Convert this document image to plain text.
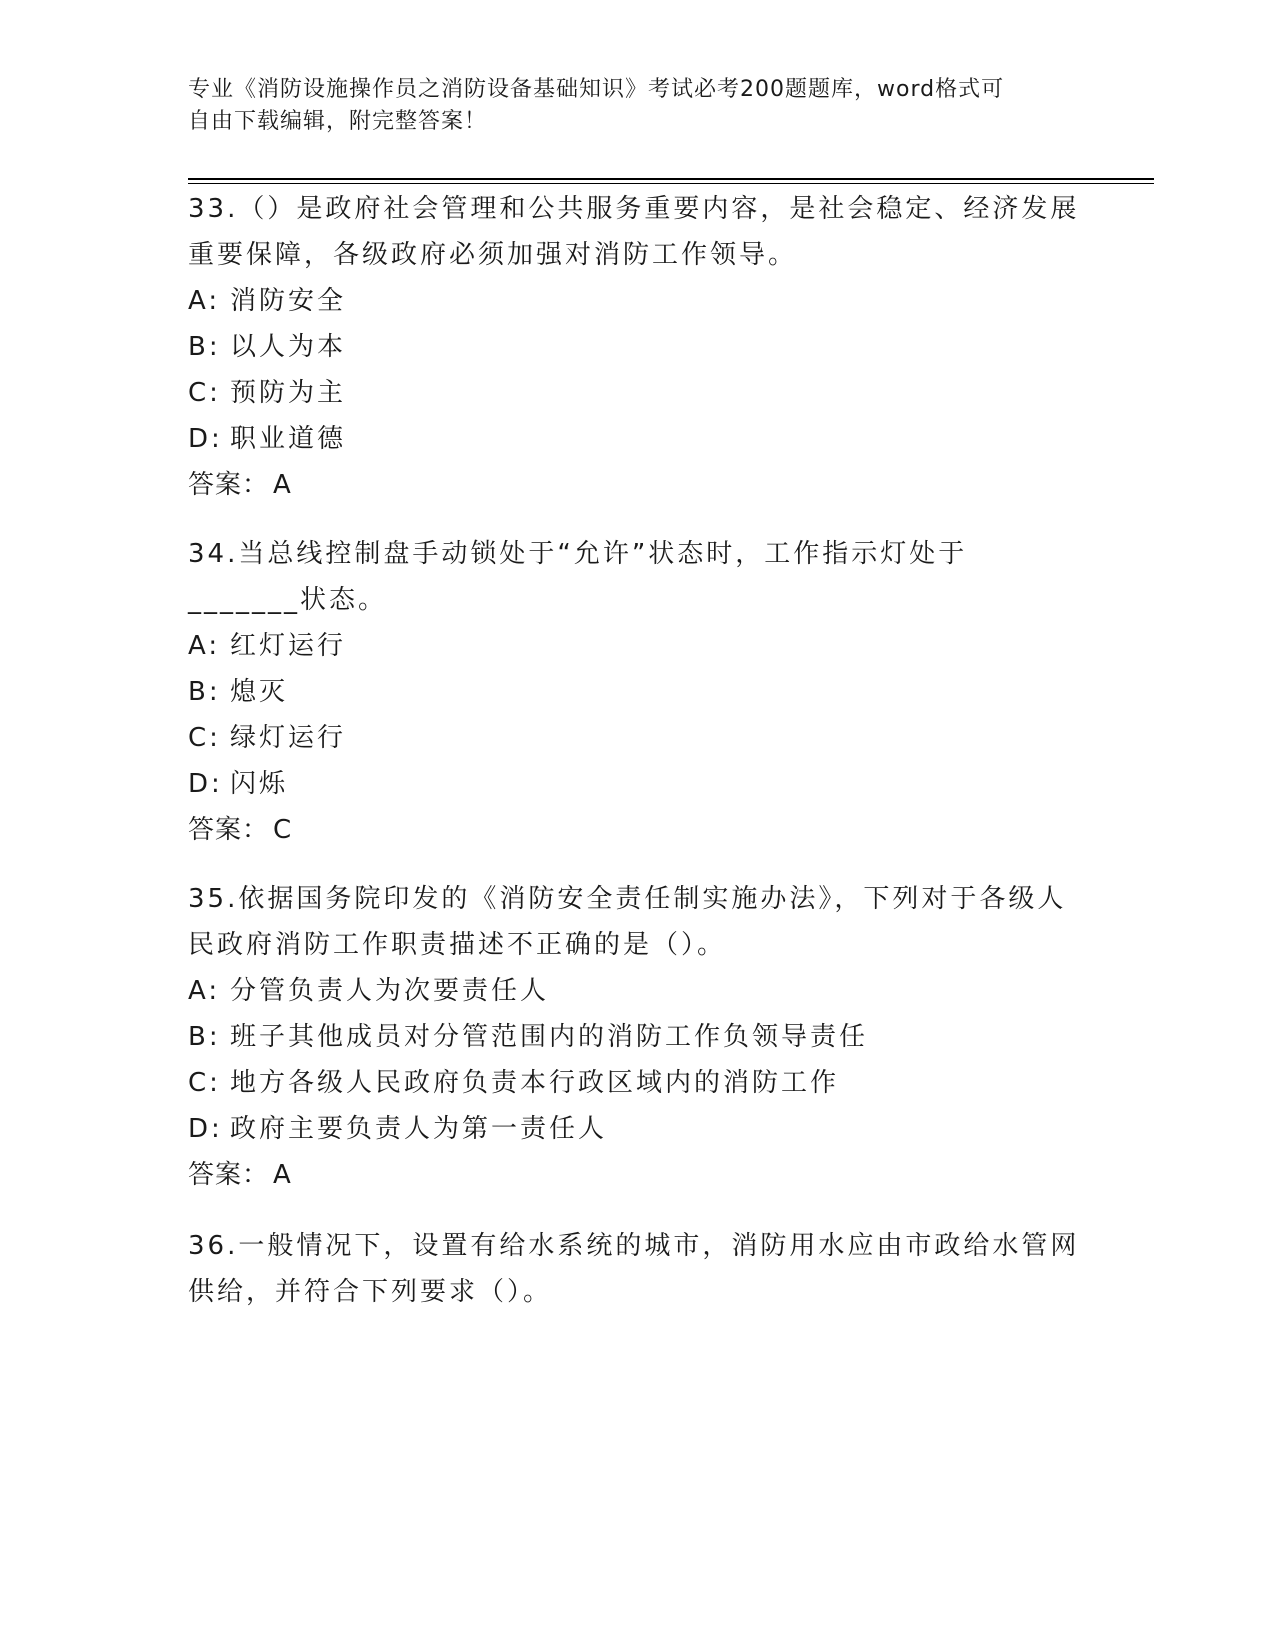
专业《消防设施操作员之消防设备基础知识》考试必考200题题库，word格式可
自由下载编辑，附完整答案！
33.（）是政府社会管理和公共服务重要内容，是社会稳定、经济发展
重要保障，各级政府必须加强对消防工作领导。
A: 消防安全
B: 以人为本
C: 预防为主
D: 职业道德
答案： A
34.当总线控制盘手动锁处于“允许”状态时，工作指示灯处于
_______状态。
A: 红灯运行
B: 熄灭
C: 绿灯运行
D: 闪烁
答案： C
35.依据国务院印发的《消防安全责任制实施办法》，下列对于各级人
民政府消防工作职责描述不正确的是（）。
A: 分管负责人为次要责任人
B: 班子其他成员对分管范围内的消防工作负领导责任
C: 地方各级人民政府负责本行政区域内的消防工作
D: 政府主要负责人为第一责任人
答案： A
36.一般情况下，设置有给水系统的城市，消防用水应由市政给水管网
供给，并符合下列要求（）。
